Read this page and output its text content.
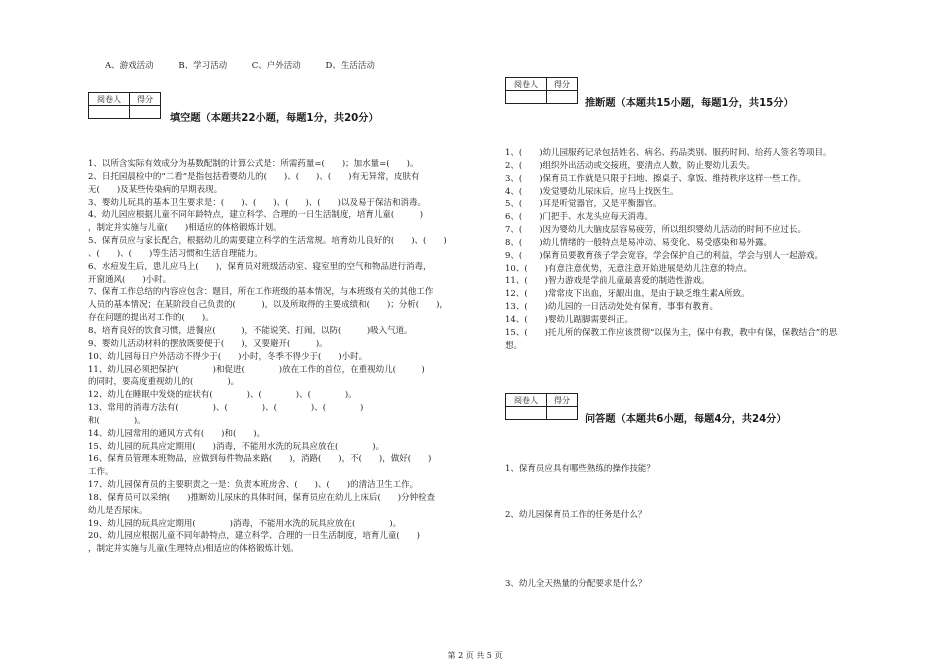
A、游戏活动	B、学习活动	C、户外活动	D、生活活动
阅卷人	得分

填空题（本题共22小题，每题1分，共20分）
1、以所含实际有效成分为基数配制的计算公式是：所需药量=(　　)；加水量=(　　)。
2、日托园晨检中的“二看”是指包括看婴幼儿的(　　)、(　　)、(　　)有无异常，皮肤有
无(　　)及某些传染病的早期表现。
3、婴幼儿玩具的基本卫生要求是：(　　)、(　　)、(　　)、(　　)以及易于保洁和消毒。
4、幼儿园应根据儿童不同年龄特点，建立科学、合理的一日生活制度，培育儿童(　　　)
，制定并实施与儿童(　　)相适应的体格锻炼计划。
5、保育员应与家长配合，根据幼儿的需要建立科学的生活常规。培育幼儿良好的(　　)、(　　)
、(　　)、(　　)等生活习惯和生活自理能力。
6、水痘发生后，患儿应马上(　　)，保育员对班级活动室、寝室里的空气和物品进行消毒，
开窗通风(　　)小时。
7、保育工作总结的内容应包含：题目，所在工作班级的基本情况，与本班级有关的其他工作
人员的基本情况；在某阶段自己负责的(　　　)，以及所取得的主要成绩和(　　)；分析(　　)，
存在问题的提出对工作的(　　)。
8、培育良好的饮食习惯，进餐应(　　　)，不能说笑、打闹，以防(　　　)吸入气道。
9、婴幼儿活动材料的摆放既要便于(　　)，又要避开(　　　)。
10、幼儿园每日户外活动不得少于(　　)小时，冬季不得少于(　　)小时。
11、幼儿园必须把保护(　　　　)和促进(　　　　)放在工作的首位，在重视幼儿(　　　)
的同时，要高度重视幼儿的(　　　　)。
12、幼儿在睡眠中发烧的症状有(　　　　)、(　　　　)、(　　　　)。
13、常用的消毒方法有(　　　　)、(　　　　)、(　　　　)、(　　　　)
和(　　　　)。
14、幼儿园常用的通风方式有(　　)和(　　)。
15、幼儿园的玩具应定期用(　　)消毒，不能用水洗的玩具应放在(　　　　)。
16、保育员管理本班物品，应做到每件物品来路(　　)，消路(　　)，不(　　)，做好(　　)
工作。
17、幼儿园保育员的主要职责之一是：负责本班房舍、(　　)、(　　)的清洁卫生工作。
18、保育员可以采纳(　　)推断幼儿尿床的具体时间，保育员应在幼儿上床后(　　)分钟检查
幼儿是否尿床。
19、幼儿园的玩具应定期用(　　　　)消毒，不能用水洗的玩具应放在(　　　　)。
20、幼儿园应根据儿童不同年龄特点，建立科学、合理的一日生活制度，培育儿童(　　)
，制定并实施与儿童(生理特点)相适应的体格锻炼计划。
阅卷人	得分

推断题（本题共15小题，每题1分，共15分）
1、(　　)幼儿园服药记录包括姓名、病名、药品类别、服药时间、给药人签名等项目。
2、(　　)组织外出活动或交接班，要清点人数，防止婴幼儿丢失。
3、(　　)保育员工作就是只限于扫地、擦桌子、拿饭、维持秩序这样一些工作。
4、(　　)发觉婴幼儿尿床后，应马上找医生。
5、(　　)耳是听觉器官，又是平衡器官。
6、(　　)门把手、水龙头应每天消毒。
7、(　　)因为婴幼儿大脑皮层容易疲劳，所以组织婴幼儿活动的时间不应过长。
8、(　　)幼儿情绪的一般特点是易冲动、易变化、易受感染和易外露。
9、(　　)保育员要教育孩子学会宽容，学会保护自己的利益，学会与别人一起游戏。
10、(　　)有意注意优势，无意注意开始进展是幼儿注意的特点。
11、(　　)智力游戏是学前儿童最喜爱的制造性游戏。
12、(　　)常常皮下出血，牙龈出血，是由于缺乏维生素A所致。
13、(　　)幼儿园的一日活动处处有保育，事事有教育。
14、(　　)婴幼儿踮脚需要纠正。
15、(　　)托儿所的保教工作应该贯彻“以保为主，保中有教，教中有保，保教结合”的思
想。
阅卷人	得分

问答题（本题共6小题，每题4分，共24分）
1、保育员应具有哪些熟练的操作技能？
2、幼儿园保育员工作的任务是什么？
3、幼儿全天热量的分配要求是什么？
第 2 页 共 5 页
